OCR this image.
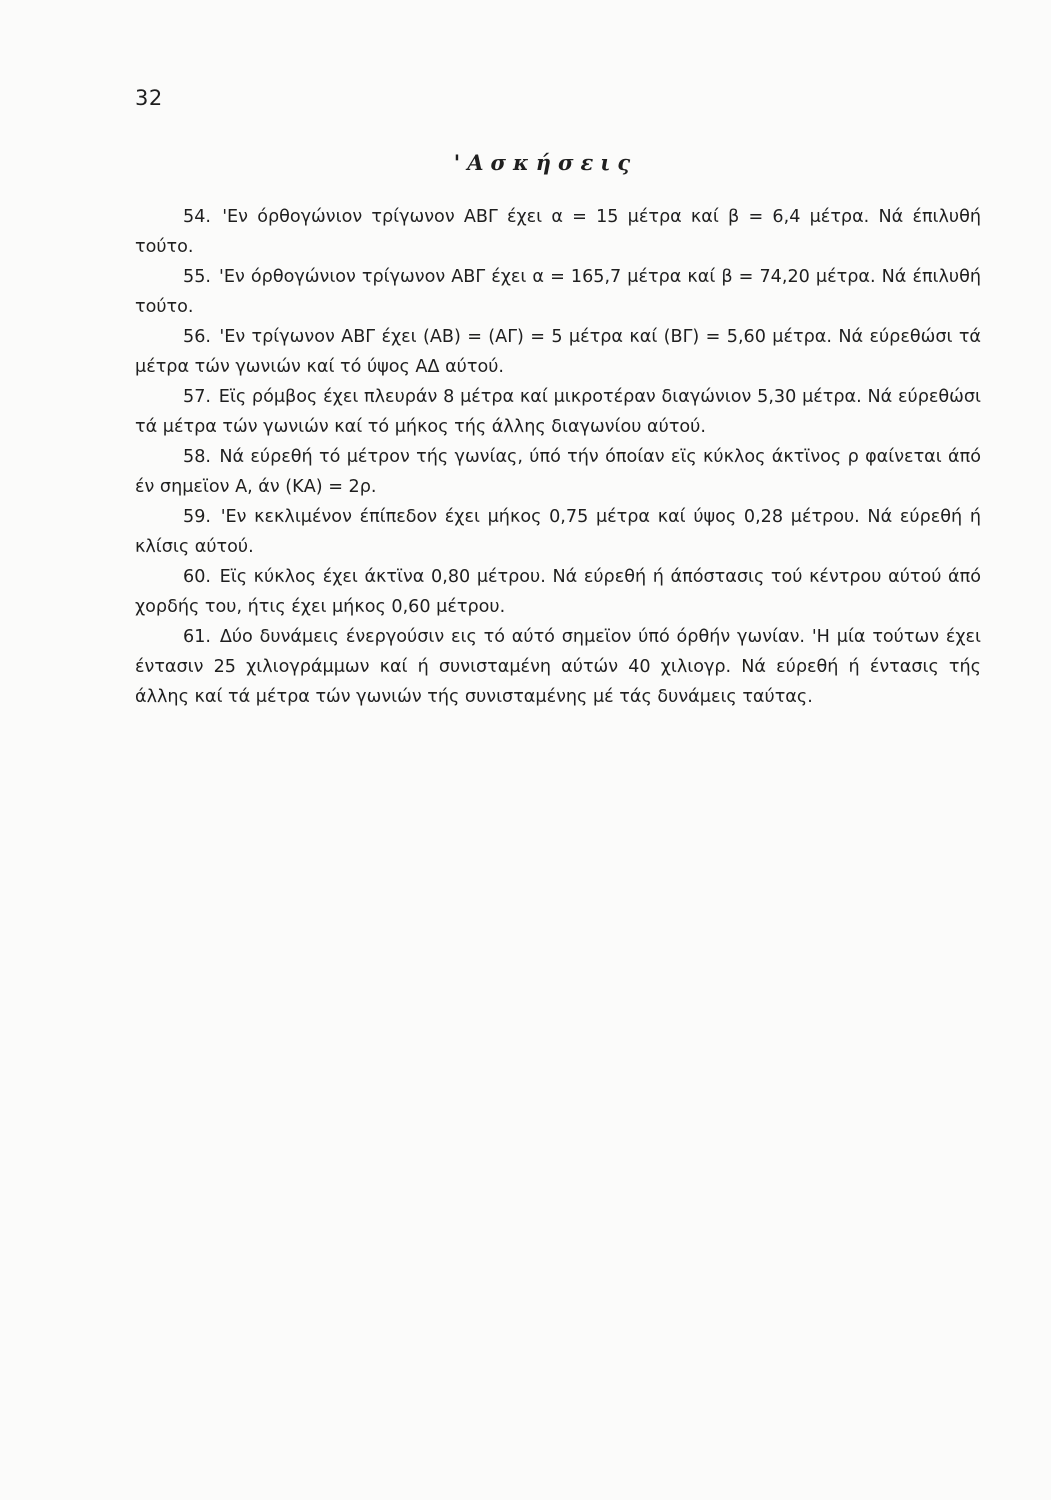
32
'Ασκήσεις

54. 'Εν όρθογώνιον τρίγωνον ΑΒΓ έχει α = 15 μέτρα καί β = 6,4 μέτρα. Νά έπιλυθή τούτο.

55. 'Εν όρθογώνιον τρίγωνον ΑΒΓ έχει α = 165,7 μέτρα καί β = 74,20 μέτρα. Νά έπιλυθή τούτο.

56. 'Εν τρίγωνον ΑΒΓ έχει (ΑΒ) = (ΑΓ) = 5 μέτρα καί (ΒΓ) = 5,60 μέτρα. Νά εύρεθώσι τά μέτρα τών γωνιών καί τό ύψος ΑΔ αύτού.

57. Εϊς ρόμβος έχει πλευράν 8 μέτρα καί μικροτέραν διαγώνιον 5,30 μέτρα. Νά εύρεθώσι τά μέτρα τών γωνιών καί τό μήκος τής άλλης διαγωνίου αύτού.

58. Νά εύρεθή τό μέτρον τής γωνίας, ύπό τήν όποίαν εϊς κύκλος άκτϊνος ρ φαίνεται άπό έν σημεϊον Α, άν (ΚΑ) = 2ρ.

59. 'Εν κεκλιμένον έπίπεδον έχει μήκος 0,75 μέτρα καί ύψος 0,28 μέτρου. Νά εύρεθή ή κλίσις αύτού.

60. Εϊς κύκλος έχει άκτϊνα 0,80 μέτρου. Νά εύρεθή ή άπόστασις τού κέντρου αύτού άπό χορδής του, ήτις έχει μήκος 0,60 μέτρου.

61. Δύο δυνάμεις ένεργούσιν εις τό αύτό σημεϊον ύπό όρθήν γωνίαν. 'Η μία τούτων έχει έντασιν 25 χιλιογράμμων καί ή συνισταμένη αύτών 40 χιλιογρ. Νά εύρεθή ή έντασις τής άλλης καί τά μέτρα τών γωνιών τής συνισταμένης μέ τάς δυνάμεις ταύτας.
